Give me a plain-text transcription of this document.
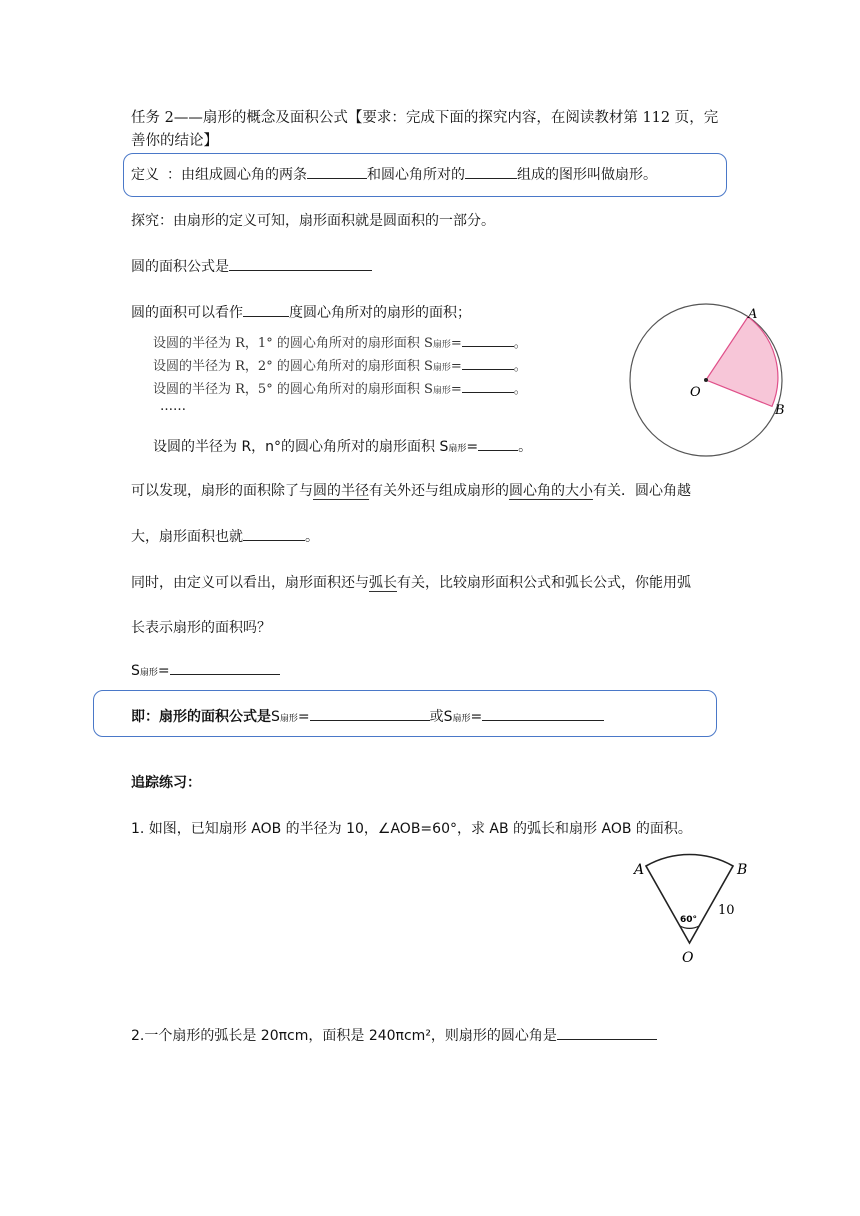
任务 2——扇形的概念及面积公式【要求：完成下面的探究内容，在阅读教材第 112 页，完
善你的结论】
定义 ：由组成圆心角的两条	和圆心角所对的	组成的图形叫做扇形。
探究：由扇形的定义可知，扇形面积就是圆面积的一部分。
圆的面积公式是
圆的面积可以看作	度圆心角所对的扇形的面积；
设圆的半径为 R，1° 的圆心角所对的扇形面积 S扇形=	。
设圆的半径为 R，2° 的圆心角所对的扇形面积 S扇形=	。
设圆的半径为 R，5° 的圆心角所对的扇形面积 S扇形=	。
……
设圆的半径为 R，n°的圆心角所对的扇形面积 S扇形=	。
A
B
O
可以发现，扇形的面积除了与圆的半径有关外还与组成扇形的圆心角的大小有关．圆心角越
大，扇形面积也就	。
同时，由定义可以看出，扇形面积还与弧长有关，比较扇形面积公式和弧长公式，你能用弧
长表示扇形的面积吗？
S扇形=
即：扇形的面积公式是S扇形=	或S扇形=
追踪练习：
1. 如图，已知扇形 AOB 的半径为 10，∠AOB=60°，求 AB 的弧长和扇形 AOB 的面积。
A	B
O
10
60°
2.一个扇形的弧长是 20πcm，面积是 240πcm²，则扇形的圆心角是
